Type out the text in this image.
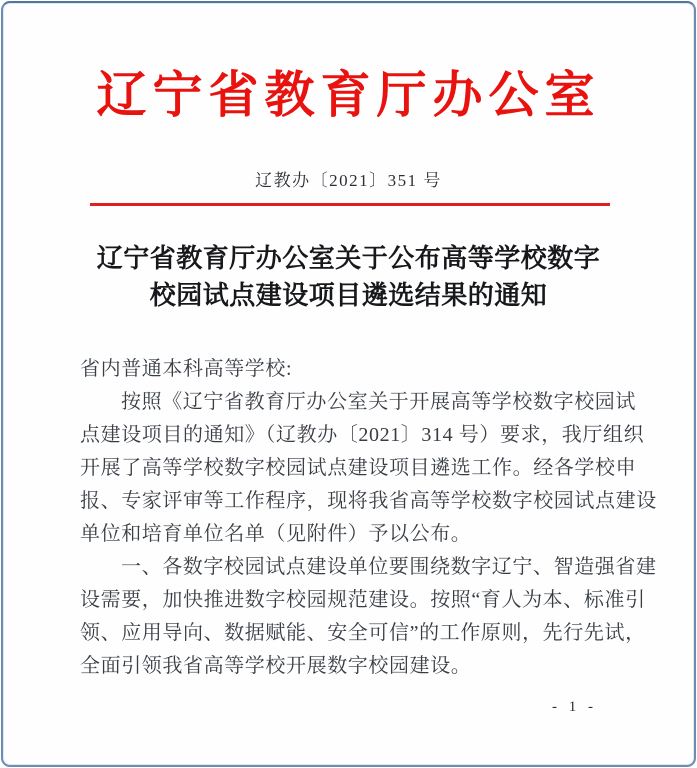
辽宁省教育厅办公室
辽教办〔2021〕351 号
辽宁省教育厅办公室关于公布高等学校数字
校园试点建设项目遴选结果的通知
省内普通本科高等学校:
按照《辽宁省教育厅办公室关于开展高等学校数字校园试
点建设项目的通知》（辽教办〔2021〕314 号）要求，我厅组织
开展了高等学校数字校园试点建设项目遴选工作。经各学校申
报、专家评审等工作程序，现将我省高等学校数字校园试点建设
单位和培育单位名单（见附件）予以公布。
一、各数字校园试点建设单位要围绕数字辽宁、智造强省建
设需要，加快推进数字校园规范建设。按照“育人为本、标准引
领、应用导向、数据赋能、安全可信”的工作原则，先行先试，
全面引领我省高等学校开展数字校园建设。
- 1 -
